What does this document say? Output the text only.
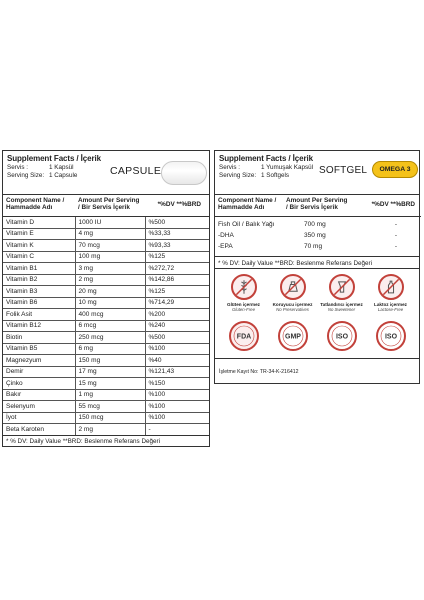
Supplement Facts / İçerik
Servis :	1 Kapsül
Serving Size: 1 Capsule	CAPSULE
Component Name / Hammadde Adı	Amount Per Serving / Bir Servis İçerik	*%DV **%BRD
Vitamin D	1000 IU	%500
Vitamin E	4 mg	%33,33
Vitamin K	70 mcg	%93,33
Vitamin C	100 mg	%125
Vitamin B1	3 mg	%272,72
Vitamin B2	2 mg	%142,86
Vitamin B3	20 mg	%125
Vitamin B6	10 mg	%714,29
Folik Asit	400 mcg	%200
Vitamin B12	6 mcg	%240
Biotin	250 mcg	%500
Vitamin B5	6 mg	%100
Magnezyum	150 mg	%40
Demir	17 mg	%121,43
Çinko	15 mg	%150
Bakır	1 mg	%100
Selenyum	55 mcg	%100
İyot	150 mcg	%100
Beta Karoten	2 mg	-
* % DV: Daily Value **BRD: Beslenme Referans Değeri
Supplement Facts / İçerik
Servis :	1 Yumuşak Kapsül
Serving Size: 1 Softgels	SOFTGEL	OMEGA 3
Component Name / Hammadde Adı	Amount Per Serving / Bir Servis İçerik	*%DV **%BRD
Fish Oil / Balık Yağı	700 mg	-
-DHA	350 mg	-
-EPA	70 mg	-
* % DV: Daily Value **BRD: Beslenme Referans Değeri
Glüten içermez
Gluten-Free
Koruyucu içermez
No Preservatives
Tatlandırıcı içermez
No Sweetener
Laktoz içermez
Lactose-Free
FDA	GMP	ISO	ISO
İşletme Kayıt No: TR-34-K-216412
